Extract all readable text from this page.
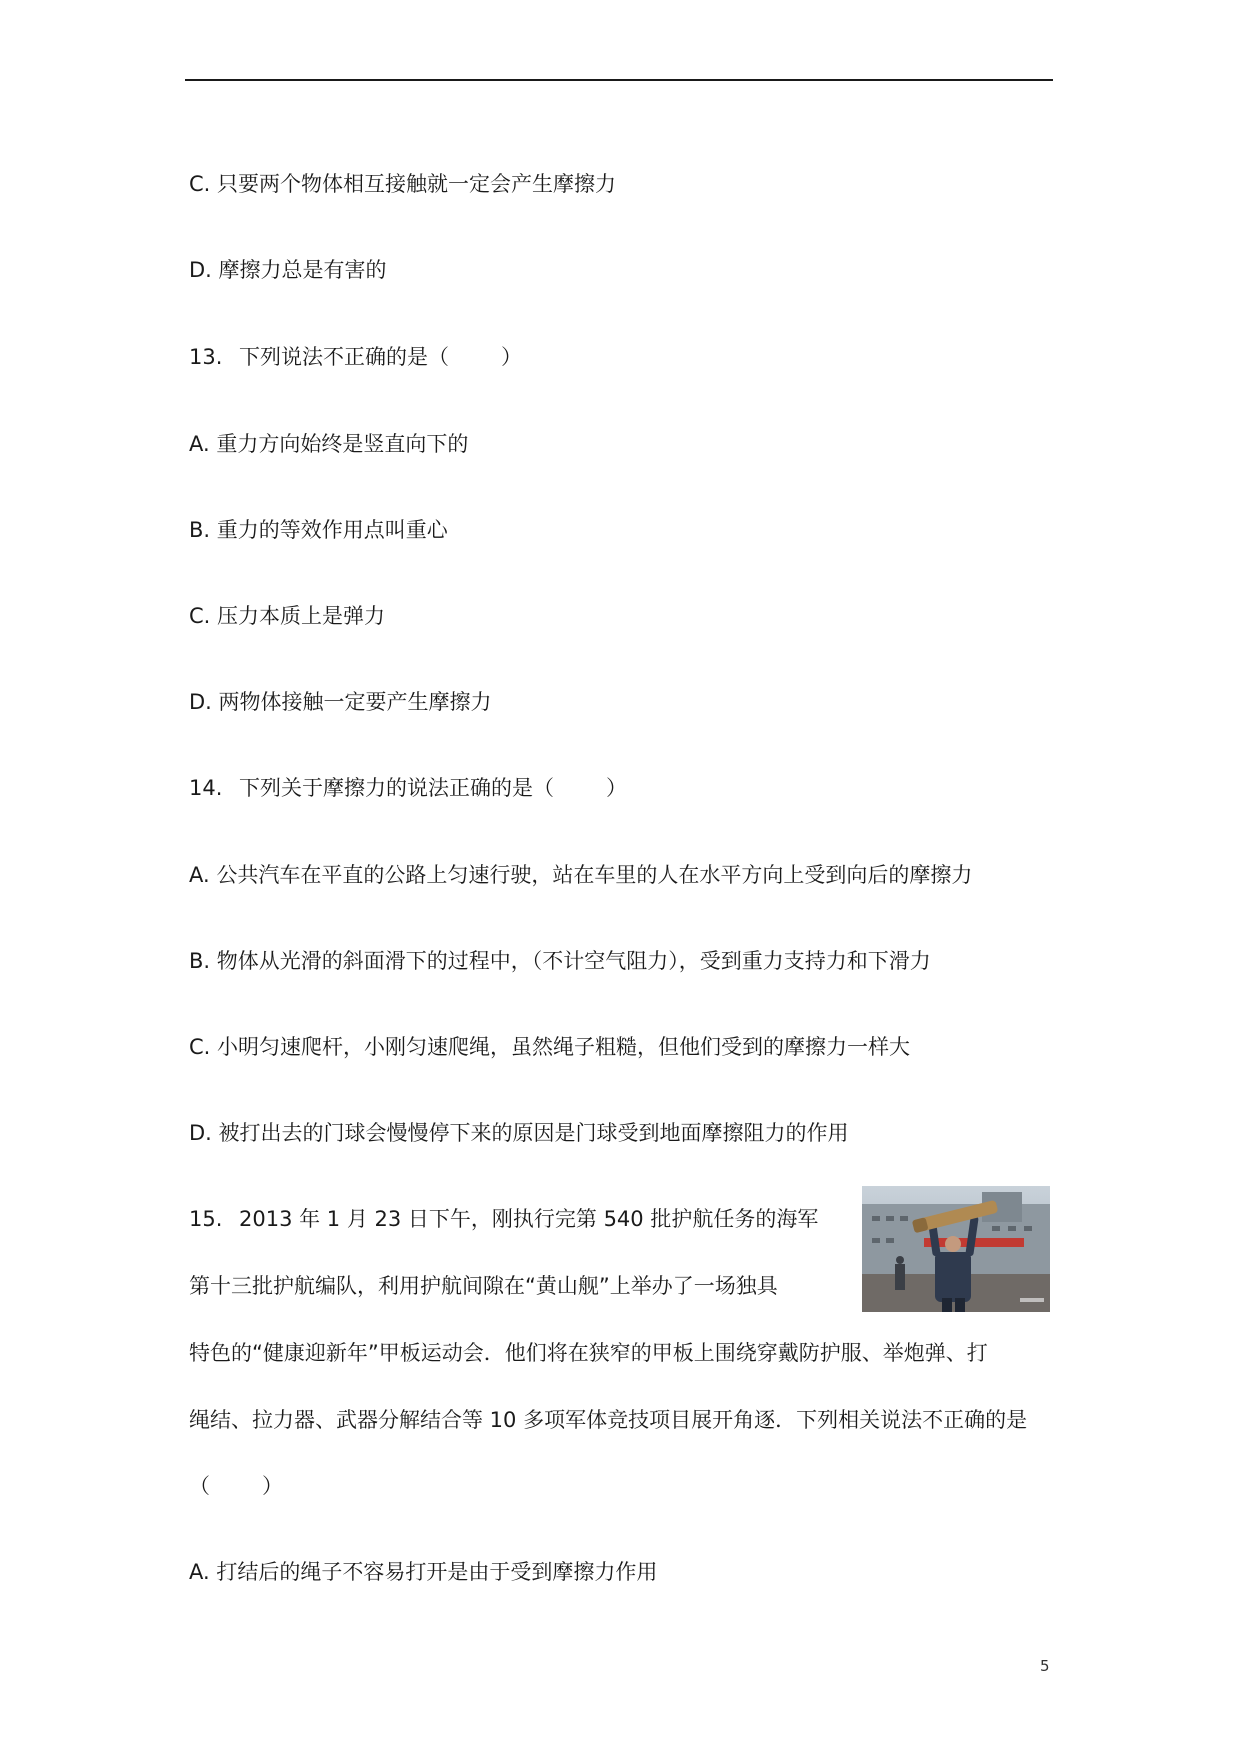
C. 只要两个物体相互接触就一定会产生摩擦力
D. 摩擦力总是有害的
13. 下列说法不正确的是（ ）
A. 重力方向始终是竖直向下的
B. 重力的等效作用点叫重心
C. 压力本质上是弹力
D. 两物体接触一定要产生摩擦力
14. 下列关于摩擦力的说法正确的是（ ）
A. 公共汽车在平直的公路上匀速行驶，站在车里的人在水平方向上受到向后的摩擦力
B. 物体从光滑的斜面滑下的过程中，（不计空气阻力），受到重力支持力和下滑力
C. 小明匀速爬杆，小刚匀速爬绳，虽然绳子粗糙，但他们受到的摩擦力一样大
D. 被打出去的门球会慢慢停下来的原因是门球受到地面摩擦阻力的作用
15. 2013 年 1 月 23 日下午，刚执行完第 540 批护航任务的海军
第十三批护航编队，利用护航间隙在“黄山舰”上举办了一场独具
特色的“健康迎新年”甲板运动会．他们将在狭窄的甲板上围绕穿戴防护服、举炮弹、打
绳结、拉力器、武器分解结合等 10 多项军体竞技项目展开角逐．下列相关说法不正确的是
（ ）
A. 打结后的绳子不容易打开是由于受到摩擦力作用
5
